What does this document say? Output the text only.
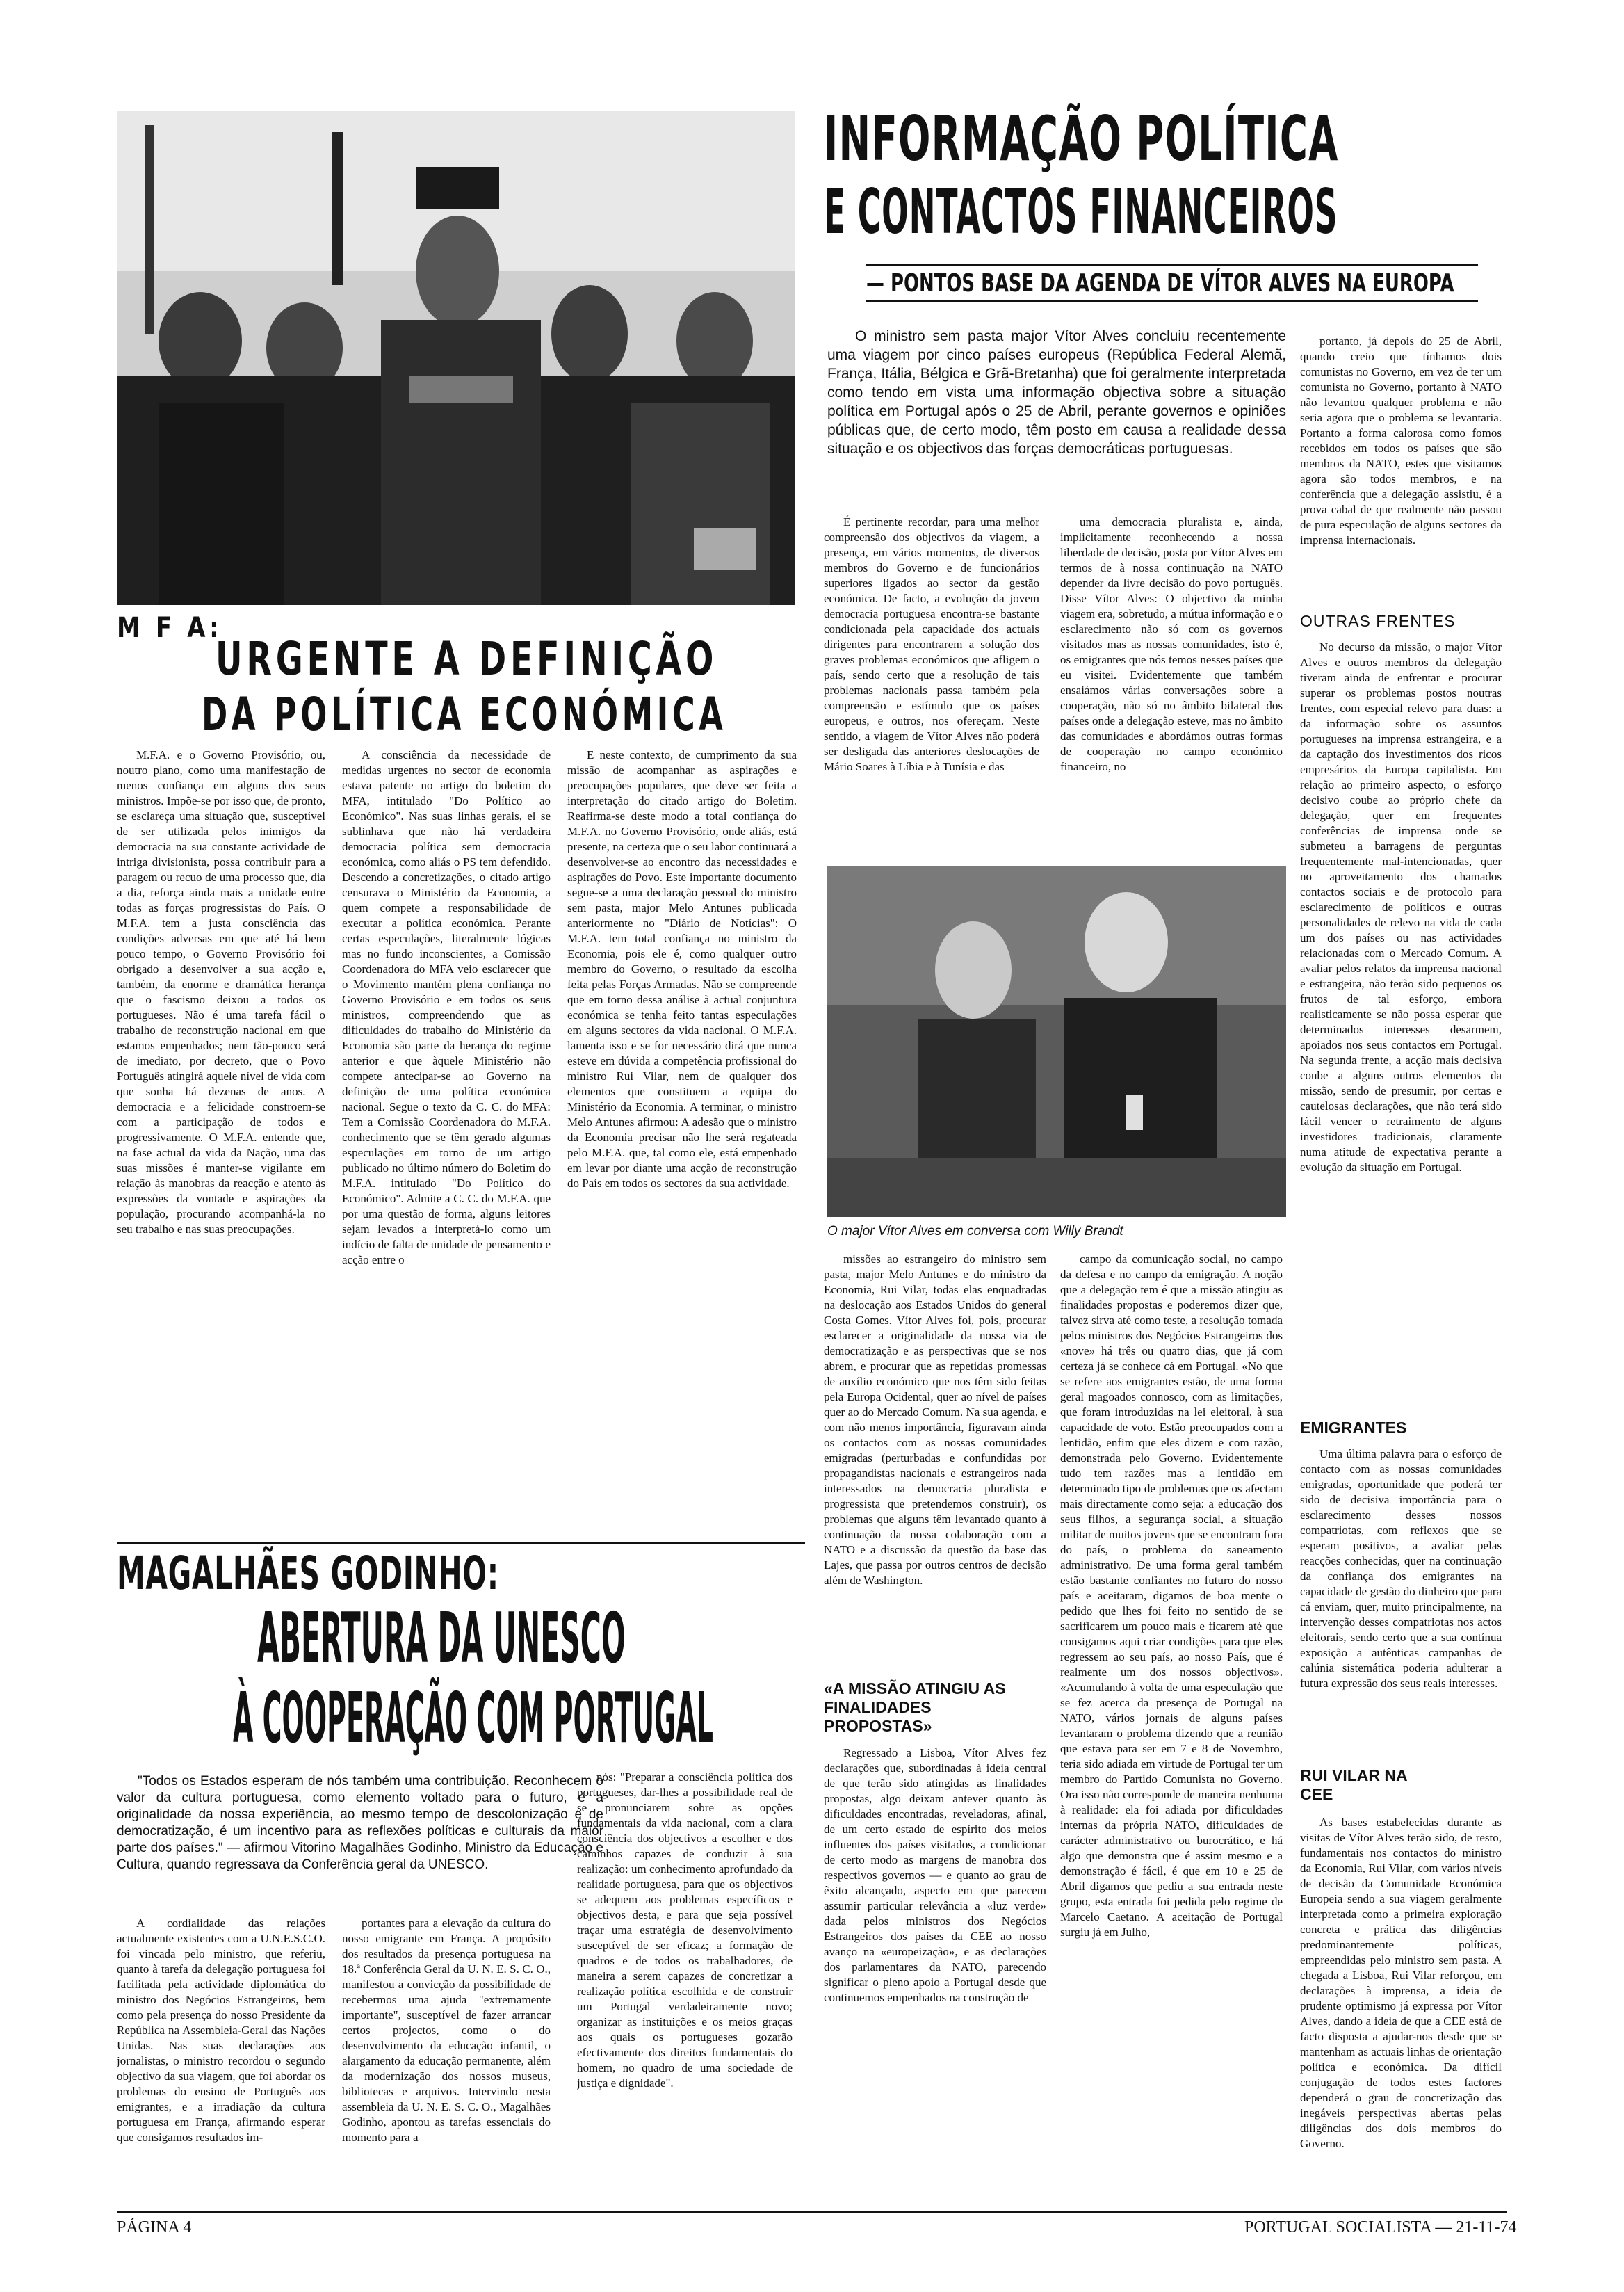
INFORMAÇÃO POLÍTICA
E CONTACTOS FINANCEIROS
— PONTOS BASE DA AGENDA DE VÍTOR ALVES NA EUROPA

O ministro sem pasta major Vítor Alves concluiu recentemente uma viagem por cinco países europeus (República Federal Alemã, França, Itália, Bélgica e Grã-Bretanha) que foi geralmente interpretada como tendo em vista uma informação objectiva sobre a situação política em Portugal após o 25 de Abril, perante governos e opiniões públicas que, de certo modo, têm posto em causa a realidade dessa situação e os objectivos das forças democráticas portuguesas.

É pertinente recordar, para uma melhor compreensão dos objectivos da viagem, a presença, em vários momentos, de diversos membros do Governo e de funcionários superiores ligados ao sector da gestão económica. De facto, a evolução da jovem democracia portuguesa encontra-se bastante condicionada pela capacidade dos actuais dirigentes para encontrarem a solução dos graves problemas económicos que afligem o país, sendo certo que a resolução de tais problemas nacionais passa também pela compreensão e estímulo que os países europeus, e outros, nos ofereçam. Neste sentido, a viagem de Vítor Alves não poderá ser desligada das anteriores deslocações de Mário Soares à Líbia e à Tunísia e das

uma democracia pluralista e, ainda, implicitamente reconhecendo a nossa liberdade de decisão, posta por Vítor Alves em termos de à nossa continuação na NATO depender da livre decisão do povo português. Disse Vítor Alves: O objectivo da minha viagem era, sobretudo, a mútua informação e o esclarecimento não só com os governos visitados mas as nossas comunidades, isto é, os emigrantes que nós temos nesses países que eu visitei. Evidentemente que também ensaiámos várias conversações sobre a cooperação, não só no âmbito bilateral dos países onde a delegação esteve, mas no âmbito das comunidades e abordámos outras formas de cooperação no campo económico financeiro, no

portanto, já depois do 25 de Abril, quando creio que tínhamos dois comunistas no Governo, em vez de ter um comunista no Governo, portanto à NATO não levantou qualquer problema e não seria agora que o problema se levantaria. Portanto a forma calorosa como fomos recebidos em todos os países que são membros da NATO, estes que visitamos agora são todos membros, e na conferência que a delegação assistiu, é a prova cabal de que realmente não passou de pura especulação de alguns sectores da imprensa internacionais.

OUTRAS FRENTES

No decurso da missão, o major Vítor Alves e outros membros da delegação tiveram ainda de enfrentar e procurar superar os problemas postos noutras frentes, com especial relevo para duas: a da informação sobre os assuntos portugueses na imprensa estrangeira, e a da captação dos investimentos dos ricos empresários da Europa capitalista. Em relação ao primeiro aspecto, o esforço decisivo coube ao próprio chefe da delegação, quer em frequentes conferências de imprensa onde se submeteu a barragens de perguntas frequentemente mal-intencionadas, quer no aproveitamento dos chamados contactos sociais e de protocolo para esclarecimento de políticos e outras personalidades de relevo na vida de cada um dos países ou nas actividades relacionadas com o Mercado Comum. A avaliar pelos relatos da imprensa nacional e estrangeira, não terão sido pequenos os frutos de tal esforço, embora realisticamente se não possa esperar que determinados interesses desarmem, apoiados nos seus contactos em Portugal. Na segunda frente, a acção mais decisiva coube a alguns outros elementos da missão, sendo de presumir, por certas e cautelosas declarações, que não terá sido fácil vencer o retraimento de alguns investidores tradicionais, claramente numa atitude de expectativa perante a evolução da situação em Portugal.

EMIGRANTES

Uma última palavra para o esforço de contacto com as nossas comunidades emigradas, oportunidade que poderá ter sido de decisiva importância para o esclarecimento desses nossos compatriotas, com reflexos que se esperam positivos, a avaliar pelas reacções conhecidas, quer na continuação da confiança dos emigrantes na capacidade de gestão do dinheiro que para cá enviam, quer, muito principalmente, na intervenção desses compatriotas nos actos eleitorais, sendo certo que a sua contínua exposição a autênticas campanhas de calúnia sistemática poderia adulterar a futura expressão dos seus reais interesses.

RUI VILAR NA CEE

As bases estabelecidas durante as visitas de Vítor Alves terão sido, de resto, fundamentais nos contactos do ministro da Economia, Rui Vilar, com vários níveis de decisão da Comunidade Económica Europeia sendo a sua viagem geralmente interpretada como a primeira exploração concreta e prática das diligências predominantemente políticas, empreendidas pelo ministro sem pasta. A chegada a Lisboa, Rui Vilar reforçou, em declarações à imprensa, a ideia de prudente optimismo já expressa por Vítor Alves, dando a ideia de que a CEE está de facto disposta a ajudar-nos desde que se mantenham as actuais linhas de orientação política e económica. Da difícil conjugação de todos estes factores dependerá o grau de concretização das inegáveis perspectivas abertas pelas diligências dos dois membros do Governo.

O major Vítor Alves em conversa com Willy Brandt

missões ao estrangeiro do ministro sem pasta, major Melo Antunes e do ministro da Economia, Rui Vilar, todas elas enquadradas na deslocação aos Estados Unidos do general Costa Gomes. Vítor Alves foi, pois, procurar esclarecer a originalidade da nossa via de democratização e as perspectivas que se nos abrem, e procurar que as repetidas promessas de auxílio económico que nos têm sido feitas pela Europa Ocidental, quer ao nível de países quer ao do Mercado Comum. Na sua agenda, e com não menos importância, figuravam ainda os contactos com as nossas comunidades emigradas (perturbadas e confundidas por propagandistas nacionais e estrangeiros nada interessados na democracia pluralista e progressista que pretendemos construir), os problemas que alguns têm levantado quanto à continuação da nossa colaboração com a NATO e a discussão da questão da base das Lajes, que passa por outros centros de decisão além de Washington.

«A MISSÃO ATINGIU AS FINALIDADES PROPOSTAS»

Regressado a Lisboa, Vítor Alves fez declarações que, subordinadas à ideia central de que terão sido atingidas as finalidades propostas, algo deixam antever quanto às dificuldades encontradas, reveladoras, afinal, de um certo estado de espírito dos meios influentes dos países visitados, a condicionar de certo modo as margens de manobra dos respectivos governos — e quanto ao grau de êxito alcançado, aspecto em que parecem assumir particular relevância a «luz verde» dada pelos ministros dos Negócios Estrangeiros dos países da CEE ao nosso avanço na «europeização», e as declarações dos parlamentares da NATO, parecendo significar o pleno apoio a Portugal desde que continuemos empenhados na construção de

campo da comunicação social, no campo da defesa e no campo da emigração. A noção que a delegação tem é que a missão atingiu as finalidades propostas e poderemos dizer que, talvez sirva até como teste, a resolução tomada pelos ministros dos Negócios Estrangeiros dos «nove» há três ou quatro dias, que já com certeza já se conhece cá em Portugal. «No que se refere aos emigrantes estão, de uma forma geral magoados connosco, com as limitações, que foram introduzidas na lei eleitoral, à sua capacidade de voto. Estão preocupados com a lentidão, enfim que eles dizem e com razão, demonstrada pelo Governo. Evidentemente tudo tem razões mas a lentidão em determinado tipo de problemas que os afectam mais directamente como seja: a educação dos seus filhos, a segurança social, a situação militar de muitos jovens que se encontram fora do país, o problema do saneamento administrativo. De uma forma geral também estão bastante confiantes no futuro do nosso país e aceitaram, digamos de boa mente o pedido que lhes foi feito no sentido de se sacrificarem um pouco mais e ficarem até que consigamos aqui criar condições para que eles regressem ao seu país, ao nosso País, que é realmente um dos nossos objectivos». «Acumulando à volta de uma especulação que se fez acerca da presença de Portugal na NATO, vários jornais de alguns países levantaram o problema dizendo que a reunião que estava para ser em 7 e 8 de Novembro, teria sido adiada em virtude de Portugal ter um membro do Partido Comunista no Governo. Ora isso não corresponde de maneira nenhuma à realidade: ela foi adiada por dificuldades internas da própria NATO, dificuldades de carácter administrativo ou burocrático, e há algo que demonstra que é assim mesmo e a demonstração é fácil, é que em 10 e 25 de Abril digamos que pediu a sua entrada neste grupo, esta entrada foi pedida pelo regime de Marcelo Caetano. A aceitação de Portugal surgiu já em Julho,

M F A:
URGENTE A DEFINIÇÃO
DA POLÍTICA ECONÓMICA

M.F.A. e o Governo Provisório, ou, noutro plano, como uma manifestação de menos confiança em alguns dos seus ministros. Impõe-se por isso que, de pronto, se esclareça uma situação que, susceptível de ser utilizada pelos inimigos da democracia na sua constante actividade de intriga divisionista, possa contribuir para a paragem ou recuo de uma processo que, dia a dia, reforça ainda mais a unidade entre todas as forças progressistas do País. O M.F.A. tem a justa consciência das condições adversas em que até há bem pouco tempo, o Governo Provisório foi obrigado a desenvolver a sua acção e, também, da enorme e dramática herança que o fascismo deixou a todos os portugueses. Não é uma tarefa fácil o trabalho de reconstrução nacional em que estamos empenhados; nem tão-pouco será de imediato, por decreto, que o Povo Português atingirá aquele nível de vida com que sonha há dezenas de anos. A democracia e a felicidade constroem-se com a participação de todos e progressivamente. O M.F.A. entende que, na fase actual da vida da Nação, uma das suas missões é manter-se vigilante em relação às manobras da reacção e atento às expressões da vontade e aspirações da população, procurando acompanhá-la no seu trabalho e nas suas preocupações.

A consciência da necessidade de medidas urgentes no sector de economia estava patente no artigo do boletim do MFA, intitulado "Do Político ao Económico". Nas suas linhas gerais, el se sublinhava que não há verdadeira democracia política sem democracia económica, como aliás o PS tem defendido. Descendo a concretizações, o citado artigo censurava o Ministério da Economia, a quem compete a responsabilidade de executar a política económica. Perante certas especulações, literalmente lógicas mas no fundo inconscientes, a Comissão Coordenadora do MFA veio esclarecer que o Movimento mantém plena confiança no Governo Provisório e em todos os seus ministros, compreendendo que as dificuldades do trabalho do Ministério da Economia são parte da herança do regime anterior e que àquele Ministério não compete antecipar-se ao Governo na definição de uma política económica nacional. Segue o texto da C. C. do MFA: Tem a Comissão Coordenadora do M.F.A. conhecimento que se têm gerado algumas especulações em torno de um artigo publicado no último número do Boletim do M.F.A. intitulado "Do Político do Económico". Admite a C. C. do M.F.A. que por uma questão de forma, alguns leitores sejam levados a interpretá-lo como um indício de falta de unidade de pensamento e acção entre o

E neste contexto, de cumprimento da sua missão de acompanhar as aspirações e preocupações populares, que deve ser feita a interpretação do citado artigo do Boletim. Reafirma-se deste modo a total confiança do M.F.A. no Governo Provisório, onde aliás, está presente, na certeza que o seu labor continuará a desenvolver-se ao encontro das necessidades e aspirações do Povo. Este importante documento segue-se a uma declaração pessoal do ministro sem pasta, major Melo Antunes publicada anteriormente no "Diário de Notícias": O M.F.A. tem total confiança no ministro da Economia, pois ele é, como qualquer outro membro do Governo, o resultado da escolha feita pelas Forças Armadas. Não se compreende que em torno dessa análise à actual conjuntura económica se tenha feito tantas especulações em alguns sectores da vida nacional. O M.F.A. lamenta isso e se for necessário dirá que nunca esteve em dúvida a competência profissional do ministro Rui Vilar, nem de qualquer dos elementos que constituem a equipa do Ministério da Economia. A terminar, o ministro Melo Antunes afirmou: A adesão que o ministro da Economia precisar não lhe será regateada pelo M.F.A. que, tal como ele, está empenhado em levar por diante uma acção de reconstrução do País em todos os sectores da sua actividade.

MAGALHÃES GODINHO:
ABERTURA DA UNESCO
À COOPERAÇÃO COM PORTUGAL

"Todos os Estados esperam de nós também uma contribuição. Reconhecem o valor da cultura portuguesa, como elemento voltado para o futuro, e a originalidade da nossa experiência, ao mesmo tempo de descolonização e de democratização, é um incentivo para as reflexões políticas e culturais da maior parte dos países." — afirmou Vitorino Magalhães Godinho, Ministro da Educação e Cultura, quando regressava da Conferência geral da UNESCO.

A cordialidade das relações actualmente existentes com a U.N.E.S.C.O. foi vincada pelo ministro, que referiu, quanto à tarefa da delegação portuguesa foi facilitada pela actividade diplomática do ministro dos Negócios Estrangeiros, bem como pela presença do nosso Presidente da República na Assembleia-Geral das Nações Unidas. Nas suas declarações aos jornalistas, o ministro recordou o segundo objectivo da sua viagem, que foi abordar os problemas do ensino de Português aos emigrantes, e a irradiação da cultura portuguesa em França, afirmando esperar que consigamos resultados im-

portantes para a elevação da cultura do nosso emigrante em França. A propósito dos resultados da presença portuguesa na 18.ª Conferência Geral da U. N. E. S. C. O., manifestou a convicção da possibilidade de recebermos uma ajuda "extremamente importante", susceptível de fazer arrancar certos projectos, como o do desenvolvimento da educação infantil, o alargamento da educação permanente, além da modernização dos nossos museus, bibliotecas e arquivos. Intervindo nesta assembleia da U. N. E. S. C. O., Magalhães Godinho, apontou as tarefas essenciais do momento para a

nós: "Preparar a consciência política dos portugueses, dar-lhes a possibilidade real de se pronunciarem sobre as opções fundamentais da vida nacional, com a clara consciência dos objectivos a escolher e dos caminhos capazes de conduzir à sua realização: um conhecimento aprofundado da realidade portuguesa, para que os objectivos se adequem aos problemas específicos e objectivos desta, e para que seja possível traçar uma estratégia de desenvolvimento susceptível de ser eficaz; a formação de quadros e de todos os trabalhadores, de maneira a serem capazes de concretizar a realização política escolhida e de construir um Portugal verdadeiramente novo; organizar as instituições e os meios graças aos quais os portugueses gozarão efectivamente dos direitos fundamentais do homem, no quadro de uma sociedade de justiça e dignidade".

PÁGINA 4	PORTUGAL SOCIALISTA — 21-11-74
